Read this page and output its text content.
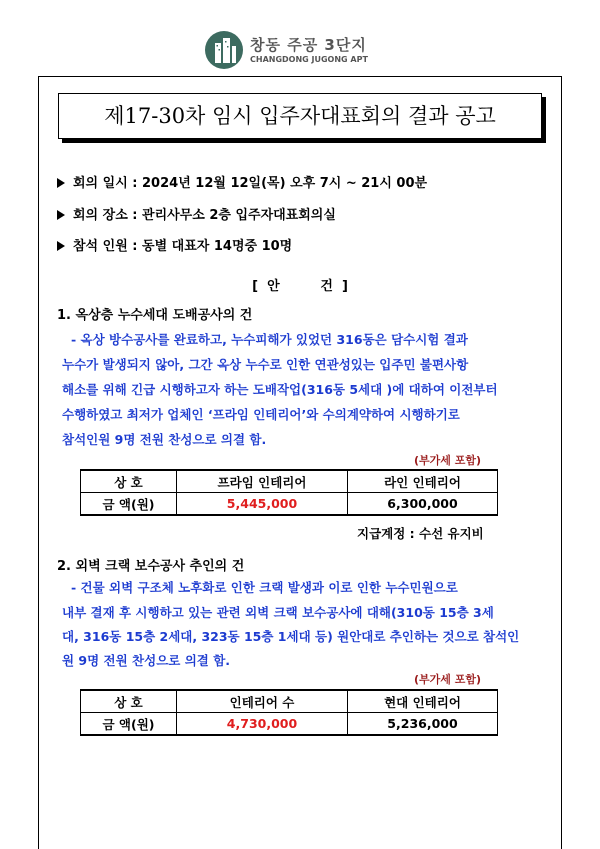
창동 주공 3단지
CHANGDONG JUGONG APT
제17-30차 임시 입주자대표회의 결과 공고
회의 일시 : 2024년 12월 12일(목) 오후 7시 ~ 21시 00분
회의 장소 : 관리사무소 2층 입주자대표회의실
참석 인원 : 동별 대표자 14명중 10명
[  안         건  ]
1. 옥상층 누수세대 도배공사의 건
- 옥상 방수공사를 완료하고, 누수피해가 있었던 316동은 담수시험 결과
누수가 발생되지 않아, 그간 옥상 누수로 인한 연관성있는 입주민 불편사항
해소를 위해 긴급 시행하고자 하는 도배작업(316동 5세대 )에 대하여 이전부터
수행하였고 최저가 업체인 ‘프라임 인테리어’와 수의계약하여 시행하기로
참석인원 9명 전원 찬성으로 의결 함.
(부가세 포함)
상 호	프라임 인테리어	라인 인테리어
금 액(원)	5,445,000	6,300,000
지급계정 : 수선 유지비
2. 외벽 크랙 보수공사 추인의 건
- 건물 외벽 구조체 노후화로 인한 크랙 발생과 이로 인한 누수민원으로
내부 결재 후 시행하고 있는 관련 외벽 크랙 보수공사에 대해(310동 15층 3세
대, 316동 15층 2세대, 323동 15층 1세대 등) 원안대로 추인하는 것으로 참석인
원 9명 전원 찬성으로 의결 함.
(부가세 포함)
상 호	인테리어 수	현대 인테리어
금 액(원)	4,730,000	5,236,000
